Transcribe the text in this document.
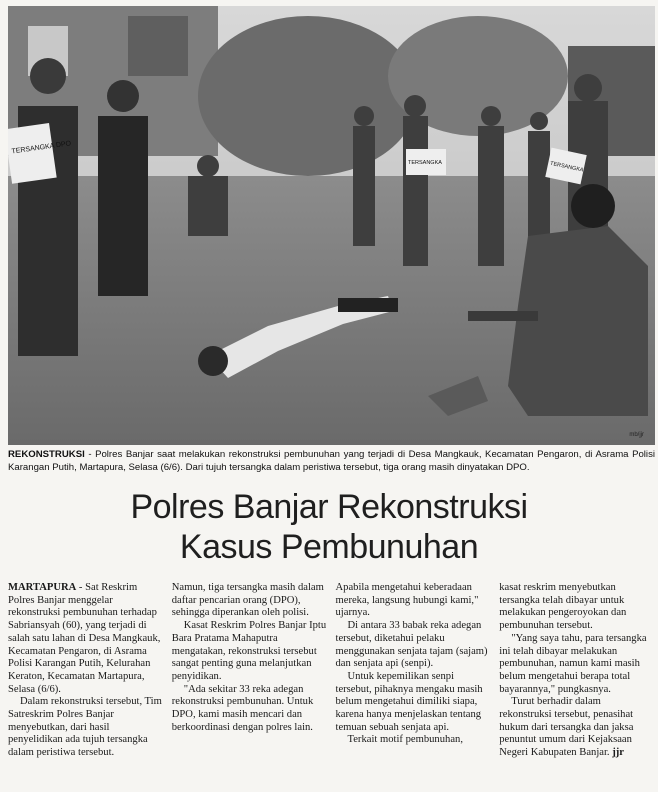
TERSANGKA DPO
TERSANGKA	TERSANGKA
mb/jjr
REKONSTRUKSI - Polres Banjar saat melakukan rekonstruksi pembunuhan yang terjadi di Desa Mangkauk, Kecamatan Pengaron, di Asrama Polisi Karangan Putih, Martapura, Selasa (6/6). Dari tujuh tersangka dalam peristiwa tersebut, tiga orang masih dinyatakan DPO.
Polres Banjar Rekonstruksi
Kasus Pembunuhan

MARTAPURA - Sat Reskrim Polres Banjar menggelar rekonstruksi pembunuhan terhadap Sabriansyah (60), yang terjadi di salah satu lahan di Desa Mangkauk, Kecamatan Pengaron, di Asrama Polisi Karangan Putih, Kelurahan Keraton, Kecamatan Martapura, Selasa (6/6).

Dalam rekonstruksi tersebut, Tim Satreskrim Polres Banjar menyebutkan, dari hasil penyelidikan ada tujuh tersangka dalam peristiwa tersebut.

Namun, tiga tersangka masih dalam daftar pencarian orang (DPO), sehingga diperankan oleh polisi.

Kasat Reskrim Polres Banjar Iptu Bara Pratama Mahaputra mengatakan, rekonstruksi tersebut sangat penting guna melanjutkan penyidikan.

"Ada sekitar 33 reka adegan rekonstruksi pembunuhan. Untuk DPO, kami masih mencari dan berkoordinasi dengan polres lain.

Apabila mengetahui keberadaan mereka, langsung hubungi kami," ujarnya.

Di antara 33 babak reka adegan tersebut, diketahui pelaku menggunakan senjata tajam (sajam) dan senjata api (senpi).

Untuk kepemilikan senpi tersebut, pihaknya mengaku masih belum mengetahui dimiliki siapa, karena hanya menjelaskan tentang temuan sebuah senjata api.

Terkait motif pembunuhan,

kasat reskrim menyebutkan tersangka telah dibayar untuk melakukan pengeroyokan dan pembunuhan tersebut.

"Yang saya tahu, para tersangka ini telah dibayar melakukan pembunuhan, namun kami masih belum mengetahui berapa total bayarannya," pungkasnya.

Turut berhadir dalam rekonstruksi tersebut, penasihat hukum dari tersangka dan jaksa penuntut umum dari Kejaksaan Negeri Kabupaten Banjar. jjr
